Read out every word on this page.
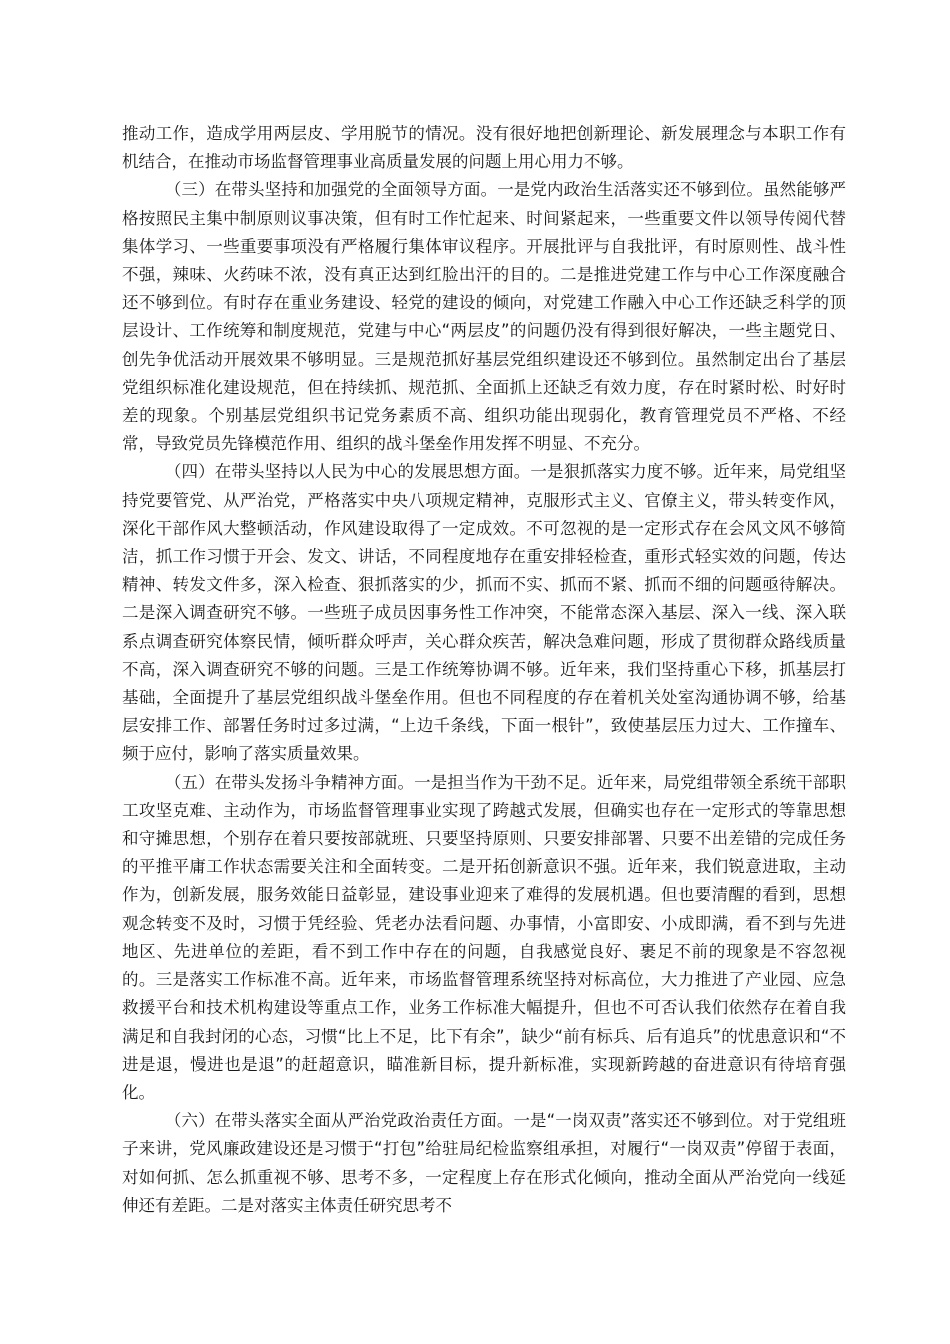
推动工作，造成学用两层皮、学用脱节的情况。没有很好地把创新理论、新发展理念与本职工作有机结合，在推动市场监督管理事业高质量发展的问题上用心用力不够。

（三）在带头坚持和加强党的全面领导方面。一是党内政治生活落实还不够到位。虽然能够严格按照民主集中制原则议事决策，但有时工作忙起来、时间紧起来，一些重要文件以领导传阅代替集体学习、一些重要事项没有严格履行集体审议程序。开展批评与自我批评，有时原则性、战斗性不强，辣味、火药味不浓，没有真正达到红脸出汗的目的。二是推进党建工作与中心工作深度融合还不够到位。有时存在重业务建设、轻党的建设的倾向，对党建工作融入中心工作还缺乏科学的顶层设计、工作统筹和制度规范，党建与中心“两层皮”的问题仍没有得到很好解决，一些主题党日、创先争优活动开展效果不够明显。三是规范抓好基层党组织建设还不够到位。虽然制定出台了基层党组织标准化建设规范，但在持续抓、规范抓、全面抓上还缺乏有效力度，存在时紧时松、时好时差的现象。个别基层党组织书记党务素质不高、组织功能出现弱化，教育管理党员不严格、不经常，导致党员先锋模范作用、组织的战斗堡垒作用发挥不明显、不充分。

（四）在带头坚持以人民为中心的发展思想方面。一是狠抓落实力度不够。近年来，局党组坚持党要管党、从严治党，严格落实中央八项规定精神，克服形式主义、官僚主义，带头转变作风，深化干部作风大整顿活动，作风建设取得了一定成效。不可忽视的是一定形式存在会风文风不够简洁，抓工作习惯于开会、发文、讲话，不同程度地存在重安排轻检查，重形式轻实效的问题，传达精神、转发文件多，深入检查、狠抓落实的少，抓而不实、抓而不紧、抓而不细的问题亟待解决。二是深入调查研究不够。一些班子成员因事务性工作冲突，不能常态深入基层、深入一线、深入联系点调查研究体察民情，倾听群众呼声，关心群众疾苦，解决急难问题，形成了贯彻群众路线质量不高，深入调查研究不够的问题。三是工作统筹协调不够。近年来，我们坚持重心下移，抓基层打基础，全面提升了基层党组织战斗堡垒作用。但也不同程度的存在着机关处室沟通协调不够，给基层安排工作、部署任务时过多过满，“上边千条线，下面一根针”，致使基层压力过大、工作撞车、频于应付，影响了落实质量效果。

（五）在带头发扬斗争精神方面。一是担当作为干劲不足。近年来，局党组带领全系统干部职工攻坚克难、主动作为，市场监督管理事业实现了跨越式发展，但确实也存在一定形式的等靠思想和守摊思想，个别存在着只要按部就班、只要坚持原则、只要安排部署、只要不出差错的完成任务的平推平庸工作状态需要关注和全面转变。二是开拓创新意识不强。近年来，我们锐意进取，主动作为，创新发展，服务效能日益彰显，建设事业迎来了难得的发展机遇。但也要清醒的看到，思想观念转变不及时，习惯于凭经验、凭老办法看问题、办事情，小富即安、小成即满，看不到与先进地区、先进单位的差距，看不到工作中存在的问题，自我感觉良好、裹足不前的现象是不容忽视的。三是落实工作标准不高。近年来，市场监督管理系统坚持对标高位，大力推进了产业园、应急救援平台和技术机构建设等重点工作，业务工作标准大幅提升，但也不可否认我们依然存在着自我满足和自我封闭的心态，习惯“比上不足，比下有余”，缺少“前有标兵、后有追兵”的忧患意识和“不进是退，慢进也是退”的赶超意识，瞄准新目标，提升新标准，实现新跨越的奋进意识有待培育强化。

（六）在带头落实全面从严治党政治责任方面。一是“一岗双责”落实还不够到位。对于党组班子来讲，党风廉政建设还是习惯于“打包”给驻局纪检监察组承担，对履行“一岗双责”停留于表面，对如何抓、怎么抓重视不够、思考不多，一定程度上存在形式化倾向，推动全面从严治党向一线延伸还有差距。二是对落实主体责任研究思考不
